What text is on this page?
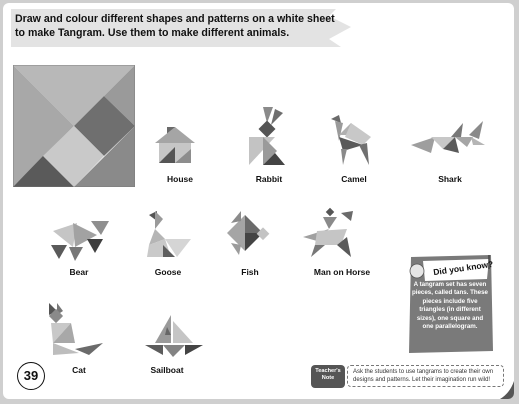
Draw and colour different shapes and patterns on a white sheet to make Tangram. Use them to make different animals.
House	Rabbit	Camel	Shark
Bear	Goose	Fish	Man on Horse
Cat	Sailboat
39
Did you know?
A tangram set has seven pieces, called tans. These pieces include five triangles (in different sizes), one square and one parallelogram.
Teacher's Note
Ask the students to use tangrams to create their own designs and patterns. Let their imagination run wild!
